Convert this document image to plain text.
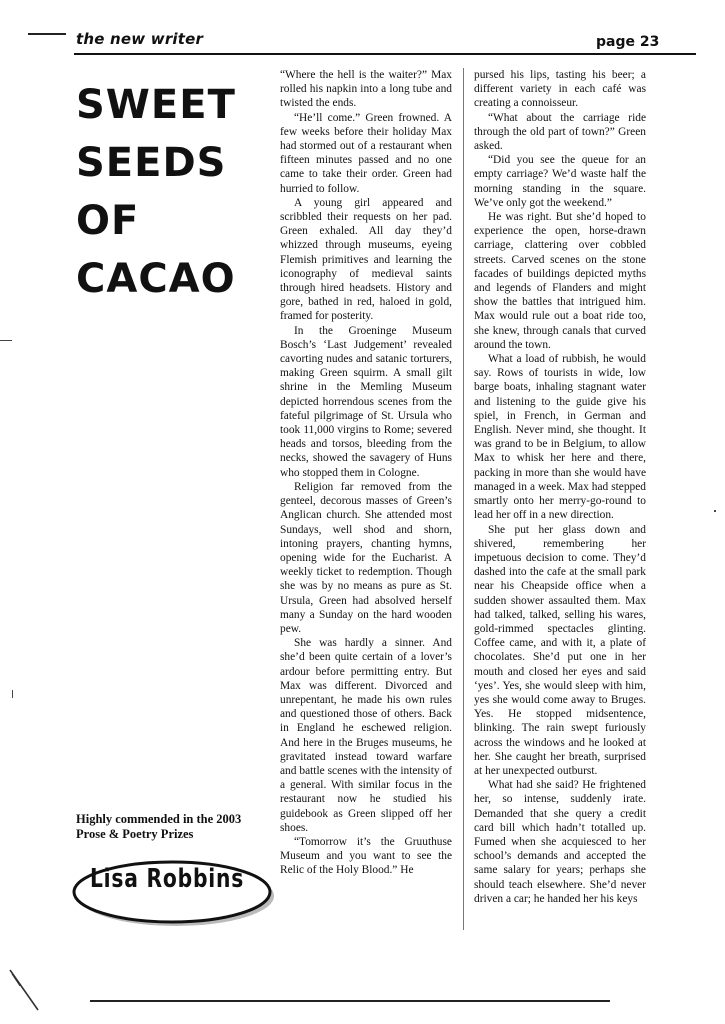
the new writer	page 23
SWEET
SEEDS
OF
CACAO
Highly commended in the 2003 Prose & Poetry Prizes
Lisa Robbins

“Where the hell is the waiter?” Max rolled his napkin into a long tube and twisted the ends.

“He’ll come.” Green frowned. A few weeks before their holiday Max had stormed out of a restaurant when fifteen minutes passed and no one came to take their order. Green had hurried to follow.

A young girl appeared and scribbled their requests on her pad. Green exhaled. All day they’d whizzed through museums, eyeing Flemish primitives and learning the iconography of medieval saints through hired headsets. History and gore, bathed in red, haloed in gold, framed for posterity.

In the Groeninge Museum Bosch’s ‘Last Judgement’ revealed cavorting nudes and satanic torturers, making Green squirm. A small gilt shrine in the Memling Museum depicted horrendous scenes from the fateful pilgrimage of St. Ursula who took 11,000 virgins to Rome; severed heads and torsos, bleeding from the necks, showed the savagery of Huns who stopped them in Cologne.

Religion far removed from the genteel, decorous masses of Green’s Anglican church. She attended most Sundays, well shod and shorn, intoning prayers, chanting hymns, opening wide for the Eucharist. A weekly ticket to redemption. Though she was by no means as pure as St. Ursula, Green had absolved herself many a Sunday on the hard wooden pew.

She was hardly a sinner. And she’d been quite certain of a lover’s ardour before permitting entry. But Max was different. Divorced and unrepentant, he made his own rules and questioned those of others. Back in England he eschewed religion. And here in the Bruges museums, he gravitated instead toward warfare and battle scenes with the intensity of a general. With similar focus in the restaurant now he studied his guidebook as Green slipped off her shoes.

“Tomorrow it’s the Gruuthuse Museum and you want to see the Relic of the Holy Blood.” He

pursed his lips, tasting his beer; a different variety in each café was creating a connoisseur.

“What about the carriage ride through the old part of town?” Green asked.

“Did you see the queue for an empty carriage? We’d waste half the morning standing in the square. We’ve only got the weekend.”

He was right. But she’d hoped to experience the open, horse-drawn carriage, clattering over cobbled streets. Carved scenes on the stone facades of buildings depicted myths and legends of Flanders and might show the battles that intrigued him. Max would rule out a boat ride too, she knew, through canals that curved around the town.

What a load of rubbish, he would say. Rows of tourists in wide, low barge boats, inhaling stagnant water and listening to the guide give his spiel, in French, in German and English. Never mind, she thought. It was grand to be in Belgium, to allow Max to whisk her here and there, packing in more than she would have managed in a week. Max had stepped smartly onto her merry-go-round to lead her off in a new direction.

She put her glass down and shivered, remembering her impetuous decision to come. They’d dashed into the cafe at the small park near his Cheapside office when a sudden shower assaulted them. Max had talked, talked, selling his wares, gold-rimmed spectacles glinting. Coffee came, and with it, a plate of chocolates. She’d put one in her mouth and closed her eyes and said ‘yes’. Yes, she would sleep with him, yes she would come away to Bruges. Yes. He stopped midsentence, blinking. The rain swept furiously across the windows and he looked at her. She caught her breath, surprised at her unexpected outburst.

What had she said? He frightened her, so intense, suddenly irate. Demanded that she query a credit card bill which hadn’t totalled up. Fumed when she acquiesced to her school’s demands and accepted the same salary for years; perhaps she should teach elsewhere. She’d never driven a car; he handed her his keys
